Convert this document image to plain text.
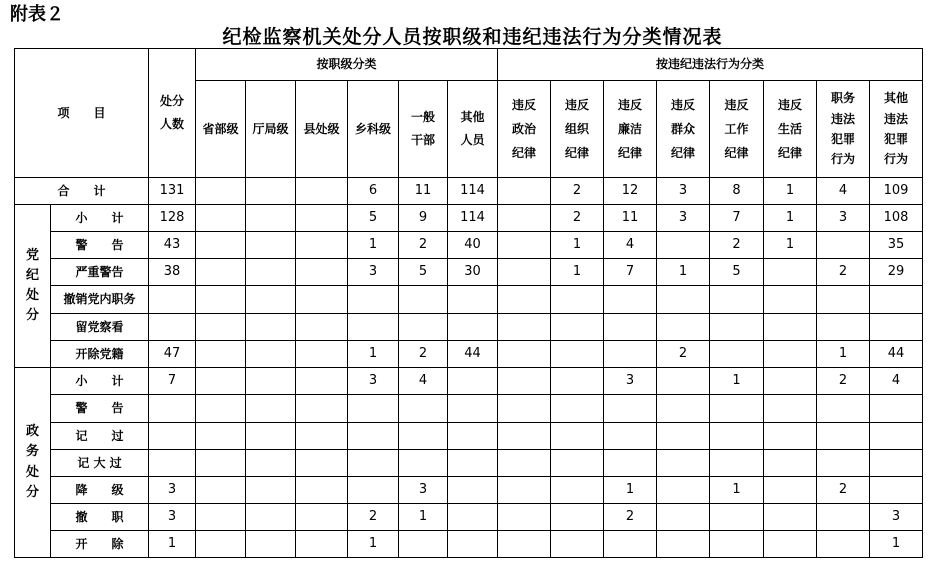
附表２
纪检监察机关处分人员按职级和违纪违法行为分类情况表
项　　目		处分人数	按职级分类						按违纪违法行为分类							
			省部级	厅局级	县处级	乡科级	一般干部	其他人员	违反政治纪律	违反组织纪律	违反廉洁纪律	违反群众纪律	违反工作纪律	违反生活纪律	职务违法犯罪行为	其他违法犯罪行为
合　　计		131				6	11	114		2	12	3	8	1	4	109
党纪处分	小　　计	128				5	9	114		2	11	3	7	1	3	108
	警　　告	43				1	2	40		1	4		2	1		35
	严重警告	38				3	5	30		1	7	1	5		2	29
	撤销党内职务															
	留党察看															
	开除党籍	47				1	2	44				2			1	44
政务处分	小　　计	7				3	4				3		1		2	4
	警　　告															
	记　　过															
	记 大 过															
	降　　级	3					3				1		1		2	
	撤　　职	3				2	1				2					3
	开　　除	1				1										1
